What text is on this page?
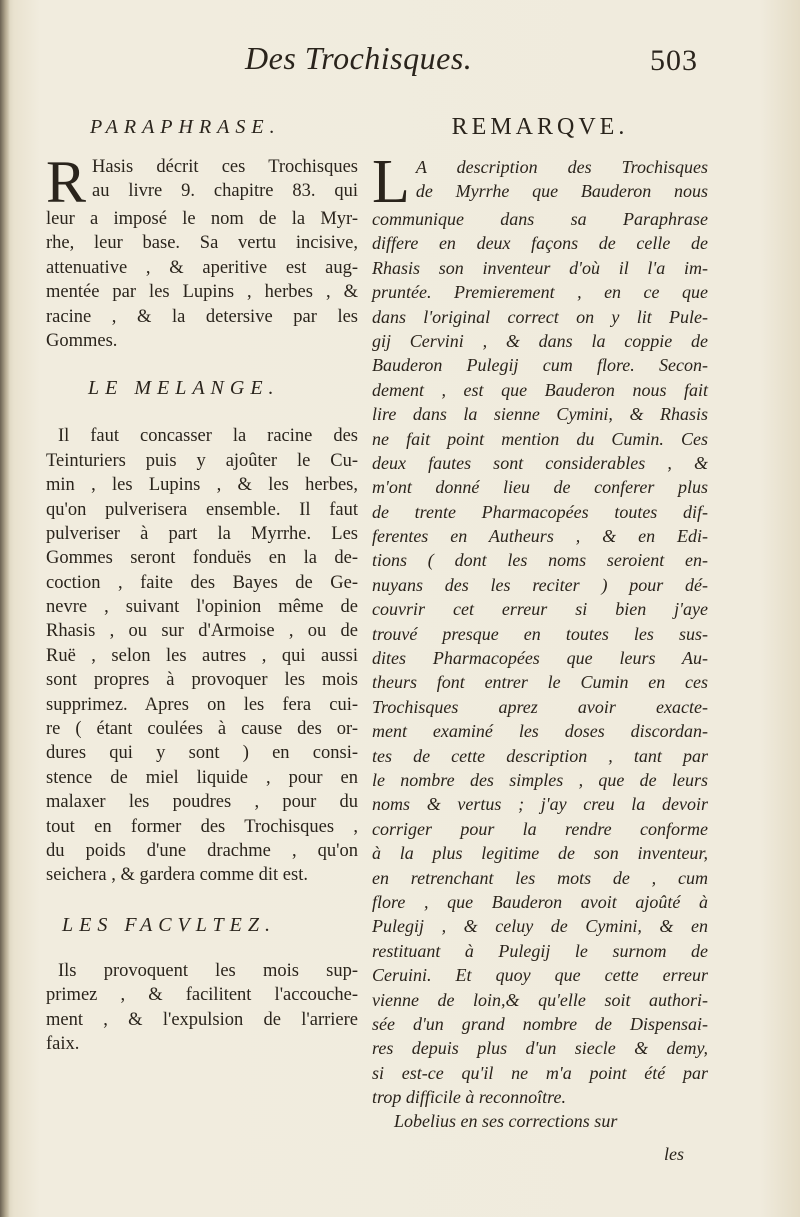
Des Trochisques.	503
PARAPHRASE.
R Hasis décrit ces Trochisques
au livre 9. chapitre 83. qui
leur a imposé le nom de la Myr-
rhe, leur base. Sa vertu incisive,
attenuative , & aperitive est aug-
mentée par les Lupins , herbes , &
racine , & la detersive par les
Gommes.
LE MELANGE.
Il faut concasser la racine des
Teinturiers puis y ajoûter le Cu-
min , les Lupins , & les herbes,
qu'on pulverisera ensemble. Il faut
pulveriser à part la Myrrhe. Les
Gommes seront fonduës en la de-
coction , faite des Bayes de Ge-
nevre , suivant l'opinion même de
Rhasis , ou sur d'Armoise , ou de
Ruë , selon les autres , qui aussi
sont propres à provoquer les mois
supprimez. Apres on les fera cui-
re ( étant coulées à cause des or-
dures qui y sont ) en consi-
stence de miel liquide , pour en
malaxer les poudres , pour du
tout en former des Trochisques ,
du poids d'une drachme , qu'on
seichera , & gardera comme dit est.
LES FACVLTEZ.
Ils provoquent les mois sup-
primez , & facilitent l'accouche-
ment , & l'expulsion de l'arriere
faix.
REMARQVE.
L A description des Trochisques
de Myrrhe que Bauderon nous
communique dans sa Paraphrase
differe en deux façons de celle de
Rhasis son inventeur d'où il l'a im-
pruntée. Premierement , en ce que
dans l'original correct on y lit Pule-
gij Cervini , & dans la coppie de
Bauderon Pulegij cum flore. Secon-
dement , est que Bauderon nous fait
lire dans la sienne Cymini, & Rhasis
ne fait point mention du Cumin. Ces
deux fautes sont considerables , &
m'ont donné lieu de conferer plus
de trente Pharmacopées toutes dif-
ferentes en Autheurs , & en Edi-
tions ( dont les noms seroient en-
nuyans des les reciter ) pour dé-
couvrir cet erreur si bien j'aye
trouvé presque en toutes les sus-
dites Pharmacopées que leurs Au-
theurs font entrer le Cumin en ces
Trochisques aprez avoir exacte-
ment examiné les doses discordan-
tes de cette description , tant par
le nombre des simples , que de leurs
noms & vertus ; j'ay creu la devoir
corriger pour la rendre conforme
à la plus legitime de son inventeur,
en retrenchant les mots de , cum
flore , que Bauderon avoit ajoûté à
Pulegij , & celuy de Cymini, & en
restituant à Pulegij le surnom de
Ceruini. Et quoy que cette erreur
vienne de loin,& qu'elle soit authori-
sée d'un grand nombre de Dispensai-
res depuis plus d'un siecle & demy,
si est-ce qu'il ne m'a point été par
trop difficile à reconnoître.
Lobelius en ses corrections sur
les
